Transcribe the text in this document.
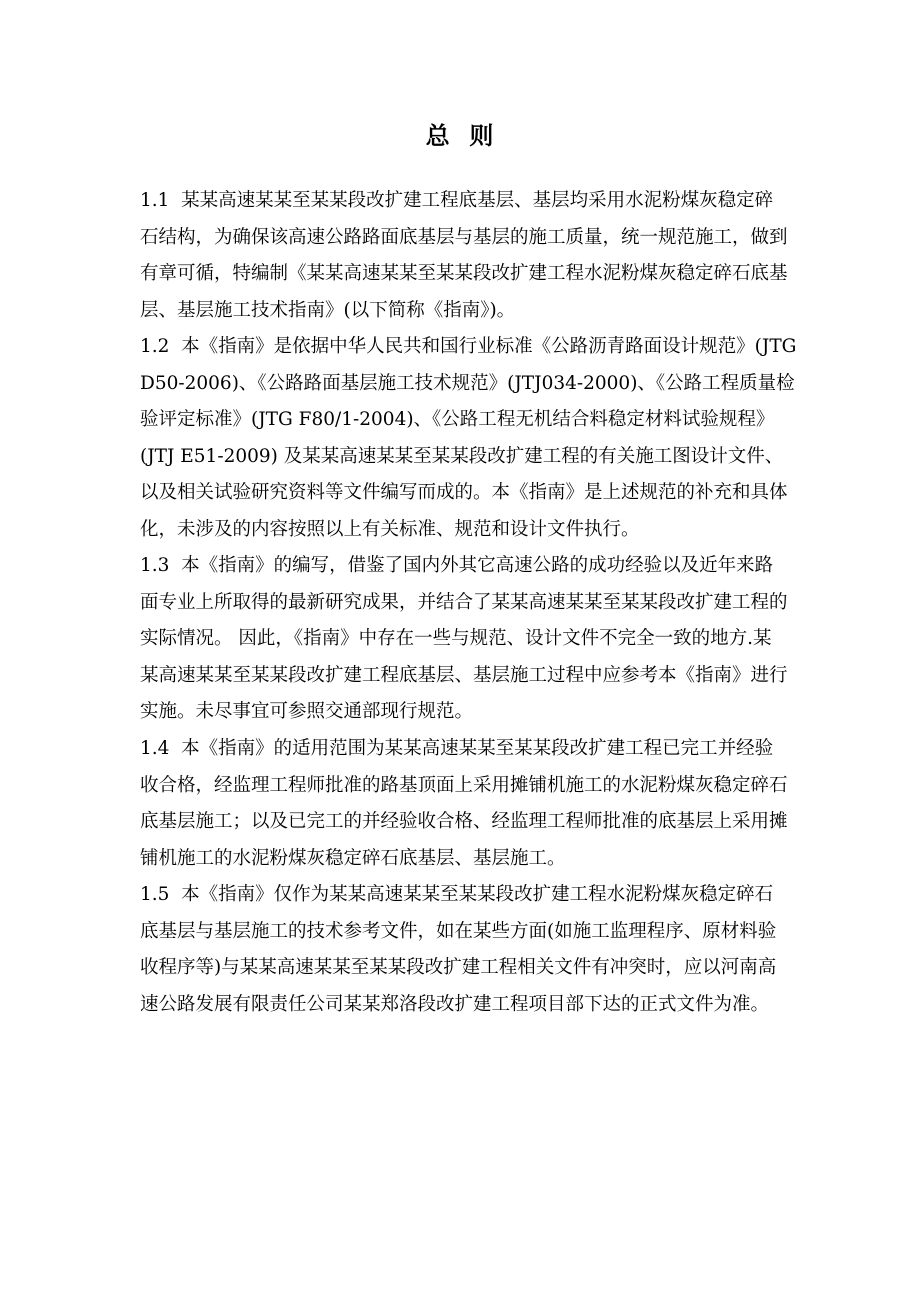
总  则
1.1  某某高速某某至某某段改扩建工程底基层、基层均采用水泥粉煤灰稳定碎
石结构，为确保该高速公路路面底基层与基层的施工质量，统一规范施工，做到
有章可循，特编制《某某高速某某至某某段改扩建工程水泥粉煤灰稳定碎石底基
层、基层施工技术指南》(以下简称《指南》)。
1.2  本《指南》是依据中华人民共和国行业标准《公路沥青路面设计规范》(JTG
D50-2006)、《公路路面基层施工技术规范》(JTJ034-2000)、《公路工程质量检
验评定标准》(JTG F80/1-2004)、《公路工程无机结合料稳定材料试验规程》
(JTJ E51-2009) 及某某高速某某至某某段改扩建工程的有关施工图设计文件、
以及相关试验研究资料等文件编写而成的。本《指南》是上述规范的补充和具体
化，未涉及的内容按照以上有关标准、规范和设计文件执行。
1.3  本《指南》的编写，借鉴了国内外其它高速公路的成功经验以及近年来路
面专业上所取得的最新研究成果，并结合了某某高速某某至某某段改扩建工程的
实际情况。 因此，《指南》中存在一些与规范、设计文件不完全一致的地方.某
某高速某某至某某段改扩建工程底基层、基层施工过程中应参考本《指南》进行
实施。未尽事宜可参照交通部现行规范。
1.4  本《指南》的适用范围为某某高速某某至某某段改扩建工程已完工并经验
收合格，经监理工程师批准的路基顶面上采用摊铺机施工的水泥粉煤灰稳定碎石
底基层施工；以及已完工的并经验收合格、经监理工程师批准的底基层上采用摊
铺机施工的水泥粉煤灰稳定碎石底基层、基层施工。
1.5  本《指南》仅作为某某高速某某至某某段改扩建工程水泥粉煤灰稳定碎石
底基层与基层施工的技术参考文件，如在某些方面(如施工监理程序、原材料验
收程序等)与某某高速某某至某某段改扩建工程相关文件有冲突时，应以河南高
速公路发展有限责任公司某某郑洛段改扩建工程项目部下达的正式文件为准。
